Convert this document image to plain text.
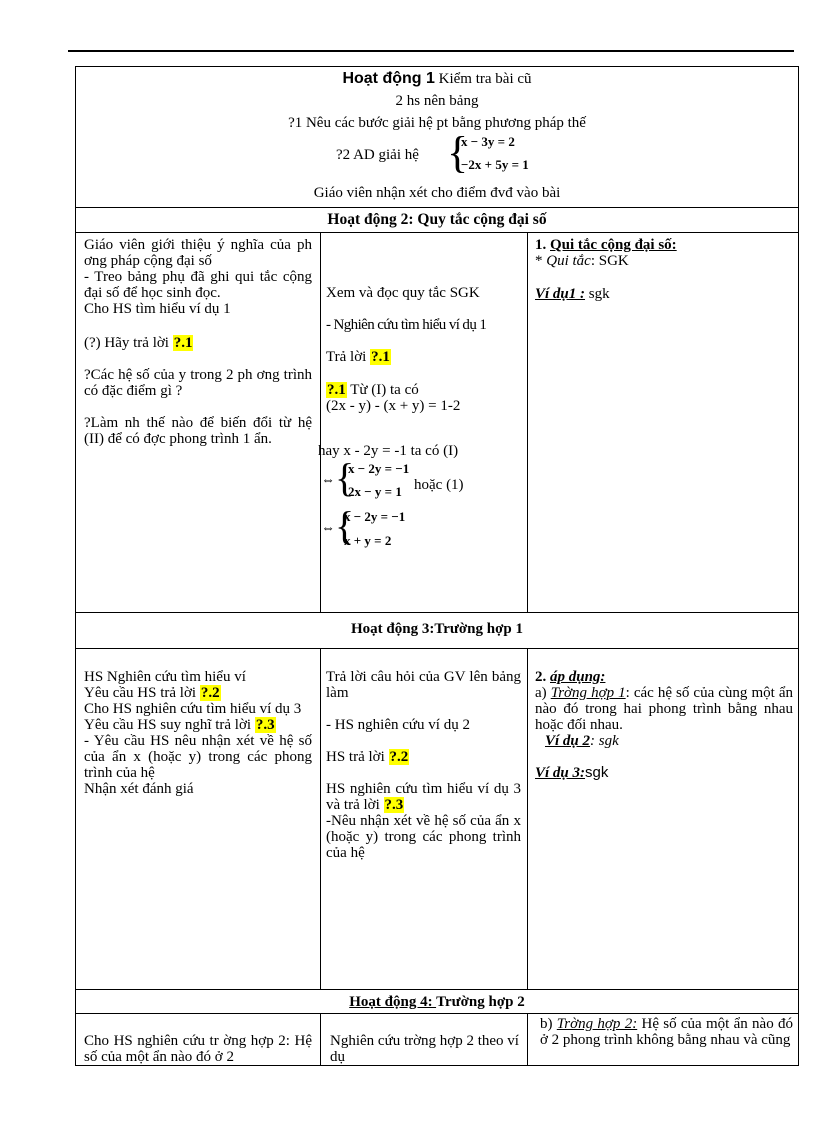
Hoạt động 1 Kiểm tra bài cũ
2 hs nên bảng
?1 Nêu các bước giải hệ pt bằng phương pháp thế
?2 AD giải hệ {
x − 3y = 2
−2x + 5y = 1
Giáo viên nhận xét cho điểm đvđ vào bài
Hoạt động 2: Quy tắc cộng đại số
Giáo viên giới thiệu ý nghĩa của ph ơng pháp cộng đại số
- Treo bảng phụ đã ghi qui tắc cộng đại số để học sinh đọc.
Cho HS tìm hiểu ví dụ 1
(?) Hãy trả lời ?.1
?Các hệ số của y trong 2 ph ơng trình có đặc điểm gì ?
?Làm nh thế nào để biến đổi từ hệ (II) để có đợc phong trình 1 ẩn.
Xem và đọc quy tắc SGK
- Nghiên cứu tìm hiểu ví dụ 1
Trả lời ?.1
?.1 Từ (I) ta có
(2x - y) - (x + y) = 1-2
hay x - 2y = -1 ta có (I)
⇔ {
x − 2y = −1
2x − y = 1 hoặc (1)
⇔ {
x − 2y = −1
x + y = 2
1. Qui tắc cộng đại số:
* Qui tắc: SGK
Ví dụ1 : sgk
Hoạt động 3:Trường hợp 1
HS Nghiên cứu tìm hiểu ví
Yêu cầu HS trả lời ?.2
Cho HS nghiên cứu tìm hiểu ví dụ 3
Yêu cầu HS suy nghĩ trả lời ?.3
- Yêu cầu HS nêu nhận xét về hệ số của ẩn x (hoặc y) trong các phong trình của hệ
Nhận xét đánh giá
Trả lời câu hỏi của GV lên bảng làm
- HS nghiên cứu ví dụ 2
HS trả lời ?.2
HS nghiên cứu tìm hiểu ví dụ 3 và trả lời ?.3
-Nêu nhận xét về hệ số của ẩn x (hoặc y) trong các phong trình của hệ
2. áp dụng:
a) Trờng hợp 1: các hệ số của cùng một ẩn nào đó trong hai phong trình bằng nhau hoặc đối nhau.
Ví dụ 2: sgk
Ví dụ 3:sgk
Hoạt động 4: Trường hợp 2
Cho HS nghiên cứu tr ờng hợp 2: Hệ số của một ẩn nào đó ở 2
Nghiên cứu trờng hợp 2 theo ví dụ
b) Trờng hợp 2: Hệ số của một ẩn nào đó ở 2 phong trình không bằng nhau và cũng
